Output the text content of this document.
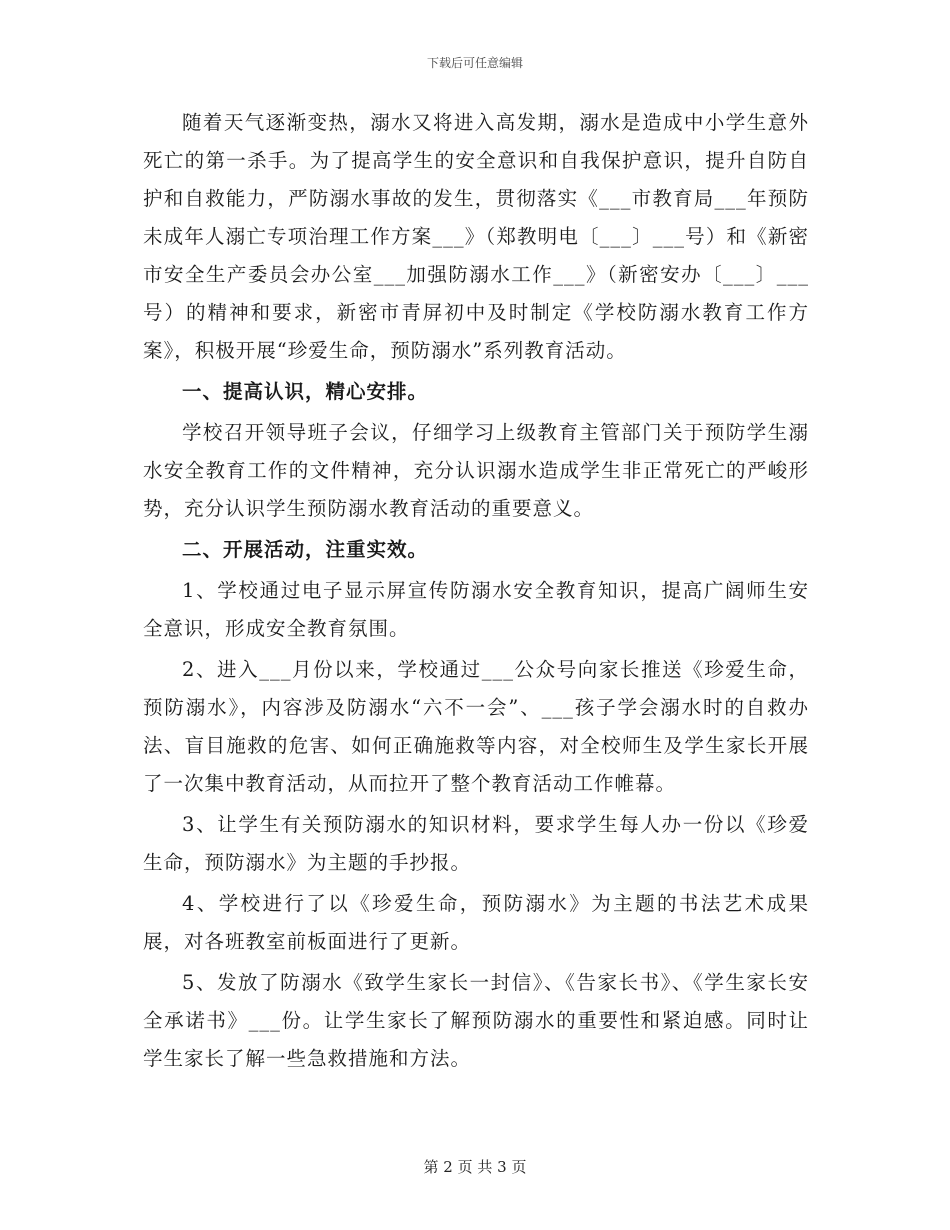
下载后可任意编辑

随着天气逐渐变热，溺水又将进入高发期，溺水是造成中小学生意外死亡的第一杀手。为了提高学生的安全意识和自我保护意识，提升自防自护和自救能力，严防溺水事故的发生，贯彻落实《___市教育局___年预防未成年人溺亡专项治理工作方案___》（郑教明电〔___〕___号）和《新密市安全生产委员会办公室___加强防溺水工作___》（新密安办〔___〕___号）的精神和要求，新密市青屏初中及时制定《学校防溺水教育工作方案》，积极开展“珍爱生命，预防溺水”系列教育活动。

一、提高认识，精心安排。

学校召开领导班子会议，仔细学习上级教育主管部门关于预防学生溺水安全教育工作的文件精神，充分认识溺水造成学生非正常死亡的严峻形势，充分认识学生预防溺水教育活动的重要意义。

二、开展活动，注重实效。

1、学校通过电子显示屏宣传防溺水安全教育知识，提高广阔师生安全意识，形成安全教育氛围。

2、进入___月份以来，学校通过___公众号向家长推送《珍爱生命，预防溺水》，内容涉及防溺水“六不一会”、___孩子学会溺水时的自救办法、盲目施救的危害、如何正确施救等内容，对全校师生及学生家长开展了一次集中教育活动，从而拉开了整个教育活动工作帷幕。

3、让学生有关预防溺水的知识材料，要求学生每人办一份以《珍爱生命，预防溺水》为主题的手抄报。

4、学校进行了以《珍爱生命，预防溺水》为主题的书法艺术成果展，对各班教室前板面进行了更新。

5、发放了防溺水《致学生家长一封信》、《告家长书》、《学生家长安全承诺书》___份。让学生家长了解预防溺水的重要性和紧迫感。同时让学生家长了解一些急救措施和方法。

第 2 页 共 3 页
